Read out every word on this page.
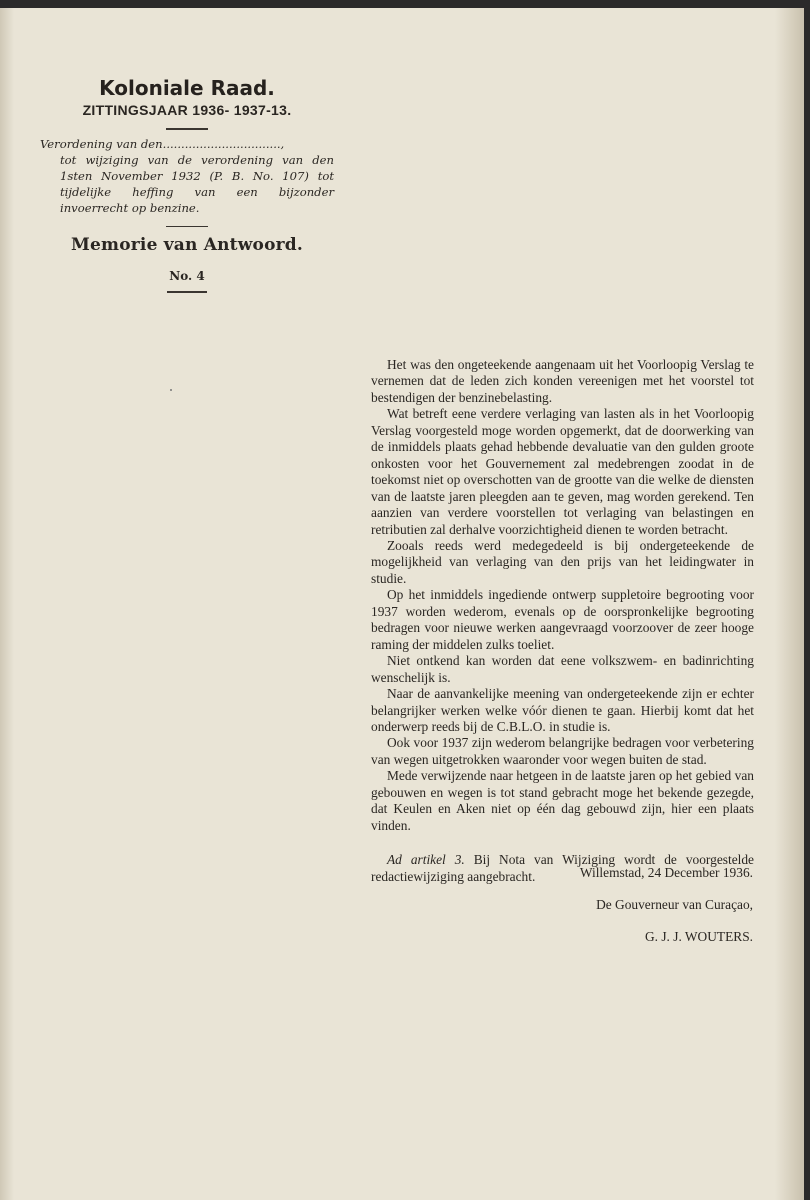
Koloniale Raad.

ZITTINGSJAAR 1936- 1937-13.

Verordening van den................................,
tot wijziging van de verordening van den 1sten November 1932 (P. B. No. 107) tot tijdelijke heffing van een bijzonder invoerrecht op benzine.

Memorie van Antwoord.

No. 4

Het was den ongeteekende aangenaam uit het Voorloopig Verslag te vernemen dat de leden zich konden vereenigen met het voorstel tot bestendigen der benzinebelasting.

Wat betreft eene verdere verlaging van lasten als in het Voorloopig Verslag voorgesteld moge worden opgemerkt, dat de doorwerking van de inmiddels plaats gehad hebbende devaluatie van den gulden groote onkosten voor het Gouvernement zal medebrengen zoodat in de toekomst niet op overschotten van de grootte van die welke de diensten van de laatste jaren pleegden aan te geven, mag worden gerekend. Ten aanzien van verdere voorstellen tot verlaging van belastingen en retributien zal derhalve voorzichtigheid dienen te worden betracht.

Zooals reeds werd medegedeeld is bij ondergeteekende de mogelijkheid van verlaging van den prijs van het leidingwater in studie.

Op het inmiddels ingediende ontwerp suppletoire begrooting voor 1937 worden wederom, evenals op de oorspronkelijke begrooting bedragen voor nieuwe werken aangevraagd voorzoover de zeer hooge raming der middelen zulks toeliet.

Niet ontkend kan worden dat eene volkszwem- en badinrichting wenschelijk is.

Naar de aanvankelijke meening van ondergeteekende zijn er echter belangrijker werken welke vóór dienen te gaan. Hierbij komt dat het onderwerp reeds bij de C.B.L.O. in studie is.

Ook voor 1937 zijn wederom belangrijke bedragen voor verbetering van wegen uitgetrokken waaronder voor wegen buiten de stad.

Mede verwijzende naar hetgeen in de laatste jaren op het gebied van gebouwen en wegen is tot stand gebracht moge het bekende gezegde, dat Keulen en Aken niet op één dag gebouwd zijn, hier een plaats vinden.

Ad artikel 3. Bij Nota van Wijziging wordt de voorgestelde redactiewijziging aangebracht.	Willemstad, 24 December 1936.
De Gouverneur van Curaçao,
G. J. J. WOUTERS.
